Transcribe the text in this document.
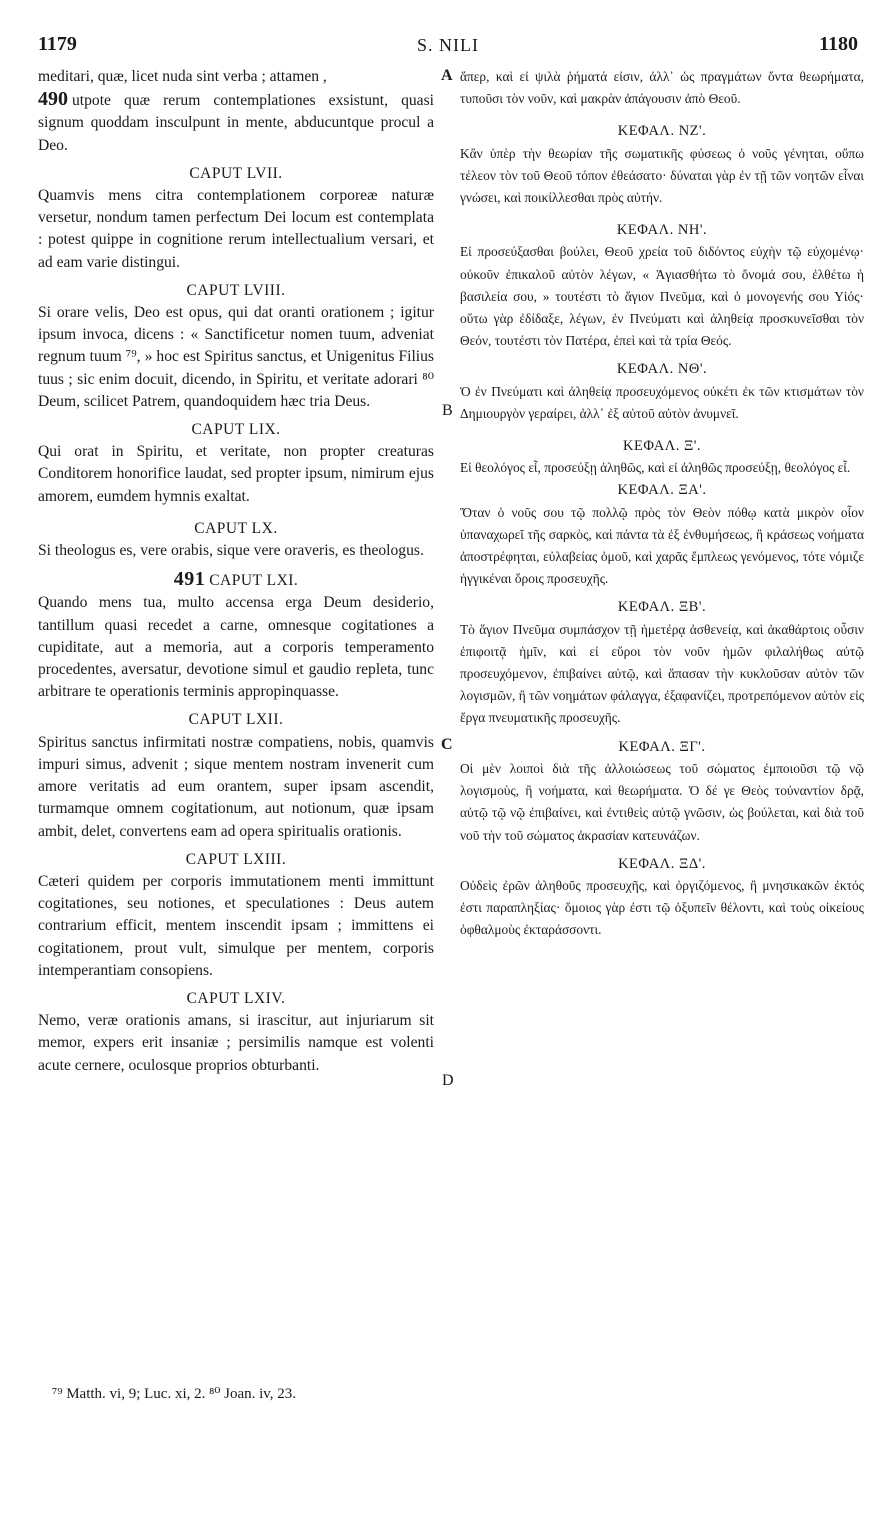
1179	S. NILI	1180
A
B
C
D

meditari, quæ, licet nuda sint verba ; attamen ,

490 utpote quæ rerum contemplationes exsistunt, quasi signum quoddam insculpunt in mente, abducuntque procul a Deo.

CAPUT LVII.

Quamvis mens citra contemplationem corporeæ naturæ versetur, nondum tamen perfectum Dei locum est contemplata : potest quippe in cognitione rerum intellectualium versari, et ad eam varie distingui.

CAPUT LVIII.

Si orare velis, Deo est opus, qui dat oranti orationem ; igitur ipsum invoca, dicens : « Sanctificetur nomen tuum, adveniat regnum tuum ⁷⁹, » hoc est Spiritus sanctus, et Unigenitus Filius tuus ; sic enim docuit, dicendo, in Spiritu, et veritate adorari ⁸⁰ Deum, scilicet Patrem, quandoquidem hæc tria Deus.

CAPUT LIX.

Qui orat in Spiritu, et veritate, non propter creaturas Conditorem honorifice laudat, sed propter ipsum, nimirum ejus amorem, eumdem hymnis exaltat.

CAPUT LX.

Si theologus es, vere orabis, sique vere oraveris, es theologus.

491 CAPUT LXI.

Quando mens tua, multo accensa erga Deum desiderio, tantillum quasi recedet a carne, omnesque cogitationes a cupiditate, aut a memoria, aut a corporis temperamento procedentes, aversatur, devotione simul et gaudio repleta, tunc arbitrare te operationis terminis appropinquasse.

CAPUT LXII.

Spiritus sanctus infirmitati nostræ compatiens, nobis, quamvis impuri simus, advenit ; sique mentem nostram invenerit cum amore veritatis ad eum orantem, super ipsam ascendit, turmamque omnem cogitationum, aut notionum, quæ ipsam ambit, delet, convertens eam ad opera spiritualis orationis.

CAPUT LXIII.

Cæteri quidem per corporis immutationem menti immittunt cogitationes, seu notiones, et speculationes : Deus autem contrarium efficit, mentem inscendit ipsam ; immittens ei cogitationem, prout vult, simulque per mentem, corporis intemperantiam consopiens.

CAPUT LXIV.

Nemo, veræ orationis amans, si irascitur, aut injuriarum sit memor, expers erit insaniæ ; persimilis namque est volenti acute cernere, oculosque proprios obturbanti.

ἅπερ, καὶ εἰ ψιλὰ ῥήματά εἰσιν, ἀλλ᾽ ὡς πραγμάτων ὄντα θεωρήματα, τυποῦσι τὸν νοῦν, καὶ μακρὰν ἀπάγουσιν ἀπὸ Θεοῦ.

ΚΕΦΑΛ. ΝΖ'.

Κἂν ὑπὲρ τὴν θεωρίαν τῆς σωματικῆς φύσεως ὁ νοῦς γένηται, οὔπω τέλεον τὸν τοῦ Θεοῦ τόπον ἐθεάσατο· δύναται γὰρ ἐν τῇ τῶν νοητῶν εἶναι γνώσει, καὶ ποικίλλεσθαι πρὸς αὐτήν.

ΚΕΦΑΛ. ΝΗ'.

Εἰ προσεύξασθαι βούλει, Θεοῦ χρεία τοῦ διδόντος εὐχὴν τῷ εὐχομένῳ· οὐκοῦν ἐπικαλοῦ αὐτὸν λέγων, « Ἁγιασθήτω τὸ ὄνομά σου, ἐλθέτω ἡ βασιλεία σου, » τουτέστι τὸ ἅγιον Πνεῦμα, καὶ ὁ μονογενής σου Υἱός· οὕτω γὰρ ἐδίδαξε, λέγων, ἐν Πνεύματι καὶ ἀληθείᾳ προσκυνεῖσθαι τὸν Θεόν, τουτέστι τὸν Πατέρα, ἐπεὶ καὶ τὰ τρία Θεός.

ΚΕΦΑΛ. ΝΘ'.

Ὁ ἐν Πνεύματι καὶ ἀληθείᾳ προσευχόμενος οὐκέτι ἐκ τῶν κτισμάτων τὸν Δημιουργὸν γεραίρει, ἀλλ᾽ ἐξ αὐτοῦ αὐτὸν ἀνυμνεῖ.

ΚΕΦΑΛ. Ξ'.

Εἰ θεολόγος εἶ, προσεύξῃ ἀληθῶς, καὶ εἰ ἀληθῶς προσεύξῃ, θεολόγος εἶ.

ΚΕΦΑΛ. ΞΑ'.

Ὅταν ὁ νοῦς σου τῷ πολλῷ πρὸς τὸν Θεὸν πόθῳ κατὰ μικρὸν οἷον ὑπαναχωρεῖ τῆς σαρκὸς, καὶ πάντα τὰ ἐξ ἐνθυμήσεως, ἢ κράσεως νοήματα ἀποστρέφηται, εὐλαβείας ὁμοῦ, καὶ χαρᾶς ἔμπλεως γενόμενος, τότε νόμιζε ἠγγικέναι ὅροις προσευχῆς.

ΚΕΦΑΛ. ΞΒ'.

Τὸ ἅγιον Πνεῦμα συμπάσχον τῇ ἡμετέρᾳ ἀσθενείᾳ, καὶ ἀκαθάρτοις οὖσιν ἐπιφοιτᾷ ἡμῖν, καὶ εἰ εὕροι τὸν νοῦν ἡμῶν φιλαλήθως αὐτῷ προσευχόμενον, ἐπιβαίνει αὐτῷ, καὶ ἅπασαν τὴν κυκλοῦσαν αὐτὸν τῶν λογισμῶν, ἢ τῶν νοημάτων φάλαγγα, ἐξαφανίζει, προτρεπόμενον αὐτὸν εἰς ἔργα πνευματικῆς προσευχῆς.

ΚΕΦΑΛ. ΞΓ'.

Οἱ μὲν λοιποὶ διὰ τῆς ἀλλοιώσεως τοῦ σώματος ἐμποιοῦσι τῷ νῷ λογισμοὺς, ἢ νοήματα, καὶ θεωρήματα. Ὁ δέ γε Θεὸς τοὐναντίον δρᾷ, αὐτῷ τῷ νῷ ἐπιβαίνει, καὶ ἐντιθεὶς αὐτῷ γνῶσιν, ὡς βούλεται, καὶ διὰ τοῦ νοῦ τὴν τοῦ σώματος ἀκρασίαν κατευνάζων.

ΚΕΦΑΛ. ΞΔ'.

Οὐδεὶς ἐρῶν ἀληθοῦς προσευχῆς, καὶ ὀργιζόμενος, ἢ μνησικακῶν ἐκτός ἐστι παραπληξίας· ὅμοιος γὰρ ἐστι τῷ ὀξυπεῖν θέλοντι, καὶ τοὺς οἰκείους ὀφθαλμοὺς ἐκταράσσοντι.

⁷⁹ Matth. vi, 9; Luc. xi, 2. ⁸⁰ Joan. iv, 23.
